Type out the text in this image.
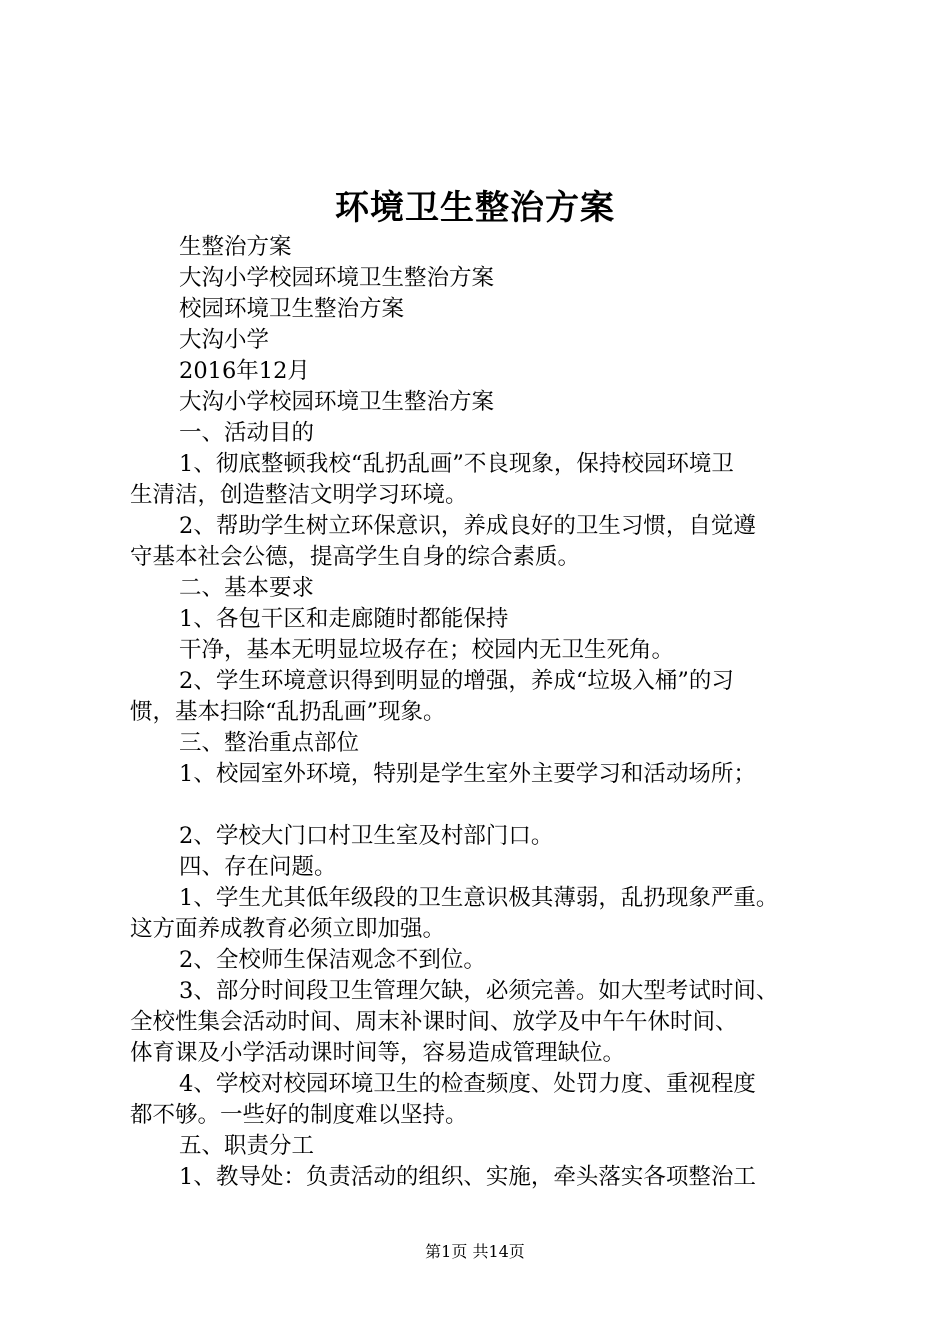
环境卫生整治方案
生整治方案
大沟小学校园环境卫生整治方案
校园环境卫生整治方案
大沟小学
2016年12月
大沟小学校园环境卫生整治方案
一、活动目的
1、彻底整顿我校“乱扔乱画”不良现象，保持校园环境卫
生清洁，创造整洁文明学习环境。
2、帮助学生树立环保意识，养成良好的卫生习惯，自觉遵
守基本社会公德，提高学生自身的综合素质。
二、基本要求
1、各包干区和走廊随时都能保持
干净，基本无明显垃圾存在；校园内无卫生死角。
2、学生环境意识得到明显的增强，养成“垃圾入桶”的习
惯，基本扫除“乱扔乱画”现象。
三、整治重点部位
1、校园室外环境，特别是学生室外主要学习和活动场所；
2、学校大门口村卫生室及村部门口。
四、存在问题。
1、学生尤其低年级段的卫生意识极其薄弱，乱扔现象严重。
这方面养成教育必须立即加强。
2、全校师生保洁观念不到位。
3、部分时间段卫生管理欠缺，必须完善。如大型考试时间、
全校性集会活动时间、周末补课时间、放学及中午午休时间、
体育课及小学活动课时间等，容易造成管理缺位。
4、学校对校园环境卫生的检查频度、处罚力度、重视程度
都不够。一些好的制度难以坚持。
五、职责分工
1、教导处：负责活动的组织、实施，牵头落实各项整治工
第1页 共14页
